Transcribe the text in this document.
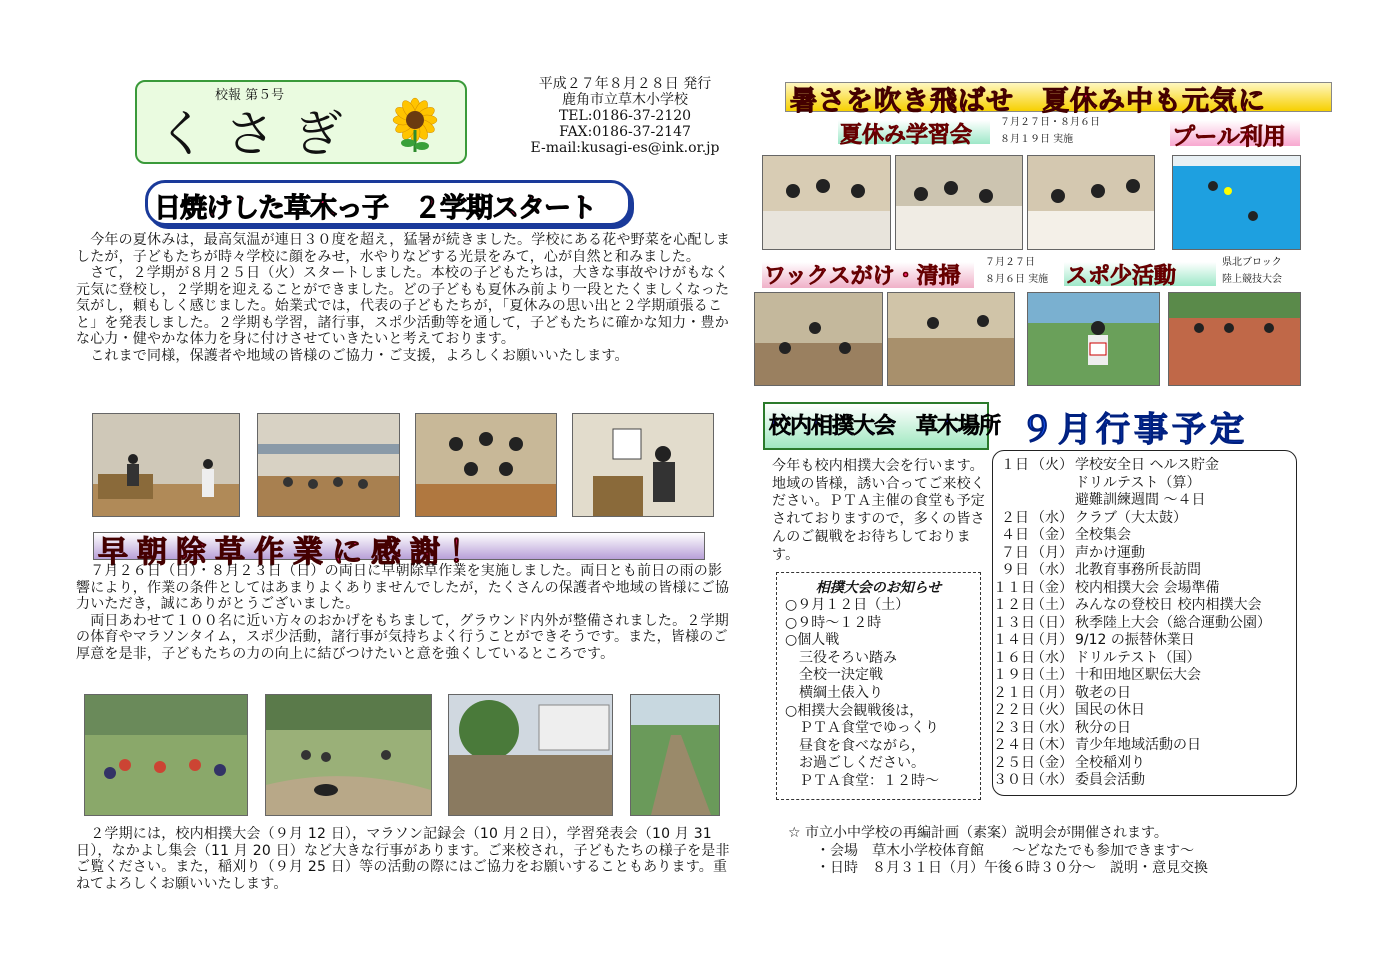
校報 第５号
くさぎ
平成２７年８月２８日 発行
鹿角市立草木小学校
TEL:0186-37-2120
FAX:0186-37-2147
E-mail:kusagi-es@ink.or.jp
日焼けした草木っ子　２学期スタート
　今年の夏休みは，最高気温が連日３０度を超え，猛暑が続きました。学校にある花や野菜を心配しましたが，子どもたちが時々学校に顔をみせ，水やりなどする光景をみて，心が自然と和みました。
　さて，２学期が８月２５日（火）スタートしました。本校の子どもたちは，大きな事故やけがもなく元気に登校し，２学期を迎えることができました。どの子どもも夏休み前より一段とたくましくなった気がし，頼もしく感じました。始業式では，代表の子どもたちが，「夏休みの思い出と２学期頑張ること」を発表しました。２学期も学習，諸行事，スポ少活動等を通して，子どもたちに確かな知力・豊かな心力・健やかな体力を身に付けさせていきたいと考えております。
　これまで同様，保護者や地域の皆様のご協力・ご支援，よろしくお願いいたします。
早朝除草作業に感謝！
　７月２６日（日）・８月２３日（日）の両日に早朝除草作業を実施しました。両日とも前日の雨の影響により，作業の条件としてはあまりよくありませんでしたが，たくさんの保護者や地域の皆様にご協力いただき，誠にありがとうございました。
　両日あわせて１００名に近い方々のおかげをもちまして，グラウンド内外が整備されました。２学期の体育やマラソンタイム，スポ少活動，諸行事が気持ちよく行うことができそうです。また，皆様のご厚意を是非，子どもたちの力の向上に結びつけたいと意を強くしているところです。
　２学期には，校内相撲大会（９月 12 日），マラソン記録会（10 月２日），学習発表会（10 月 31 日），なかよし集会（11 月 20 日）など大きな行事があります。ご来校され，子どもたちの様子を是非ご覧ください。また，稲刈り（９月 25 日）等の活動の際にはご協力をお願いすることもあります。重ねてよろしくお願いいたします。
暑さを吹き飛ばせ　夏休み中も元気に
夏休み学習会
７月２７日・８月６日
８月１９日 実施	プール利用
ワックスがけ・清掃
７月２７日
８月６日 実施 スポ少活動
県北ブロック
陸上競技大会
校内相撲大会　草木場所
今年も校内相撲大会を行います。地域の皆様，誘い合ってご来校ください。ＰＴＡ主催の食堂も予定されておりますので，多くの皆さんのご観戦をお待ちしております。
相撲大会のお知らせ
○９月１２日（土）
○９時～１２時
○個人戦
　三役そろい踏み
　全校一決定戦
　横綱土俵入り
○相撲大会観戦後は，
　ＰＴＡ食堂でゆっくり
　昼食を食べながら，
　お過ごしください。
　ＰＴＡ食堂：１２時～
９月行事予定
１日 （火） 学校安全日 ヘルス貯金
ドリルテスト（算）
避難訓練週間 ～４日
２日 （水） クラブ（大太鼓）
４日 （金） 全校集会
７日 （月） 声かけ運動
９日 （水） 北教育事務所長訪問
１１日
（金） 校内相撲大会 会場準備
１２日
（土） みんなの登校日 校内相撲大会
１３日
（日） 秋季陸上大会（総合運動公園）
１４日
（月） 9/12 の振替休業日
１６日
（水） ドリルテスト（国）
１９日
（土） 十和田地区駅伝大会
２１日
（月） 敬老の日
２２日
（火） 国民の休日
２３日
（水） 秋分の日
２４日
（木） 青少年地域活動の日
２５日
（金） 全校稲刈り
３０日
（水） 委員会活動
☆ 市立小中学校の再編計画（素案）説明会が開催されます。
・会場　草木小学校体育館　　～どなたでも参加できます～
・日時　８月３１日（月）午後６時３０分～　説明・意見交換
